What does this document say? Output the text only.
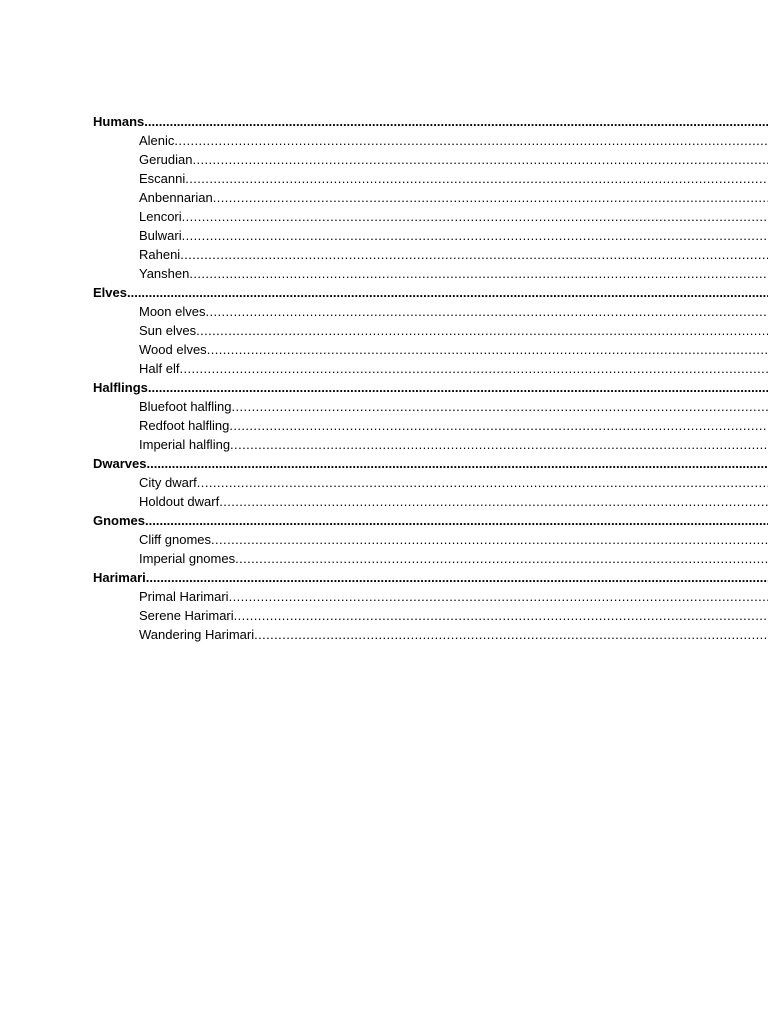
Humans .....
Alenic .....
Gerudian .....
Escanni .....
Anbennarian .....
Lencori .....
Bulwari .....
Raheni .....
Yanshen .....
Elves .....
Moon elves .....
Sun elves .....
Wood elves .....
Half elf .....
Halflings .....
Bluefoot halfling .....
Redfoot halfling .....
Imperial halfling .....
Dwarves .....
City dwarf .....
Holdout dwarf .....
Gnomes .....
Cliff gnomes .....
Imperial gnomes .....
Harimari .....
Primal Harimari .....
Serene Harimari .....
Wandering Harimari .....
